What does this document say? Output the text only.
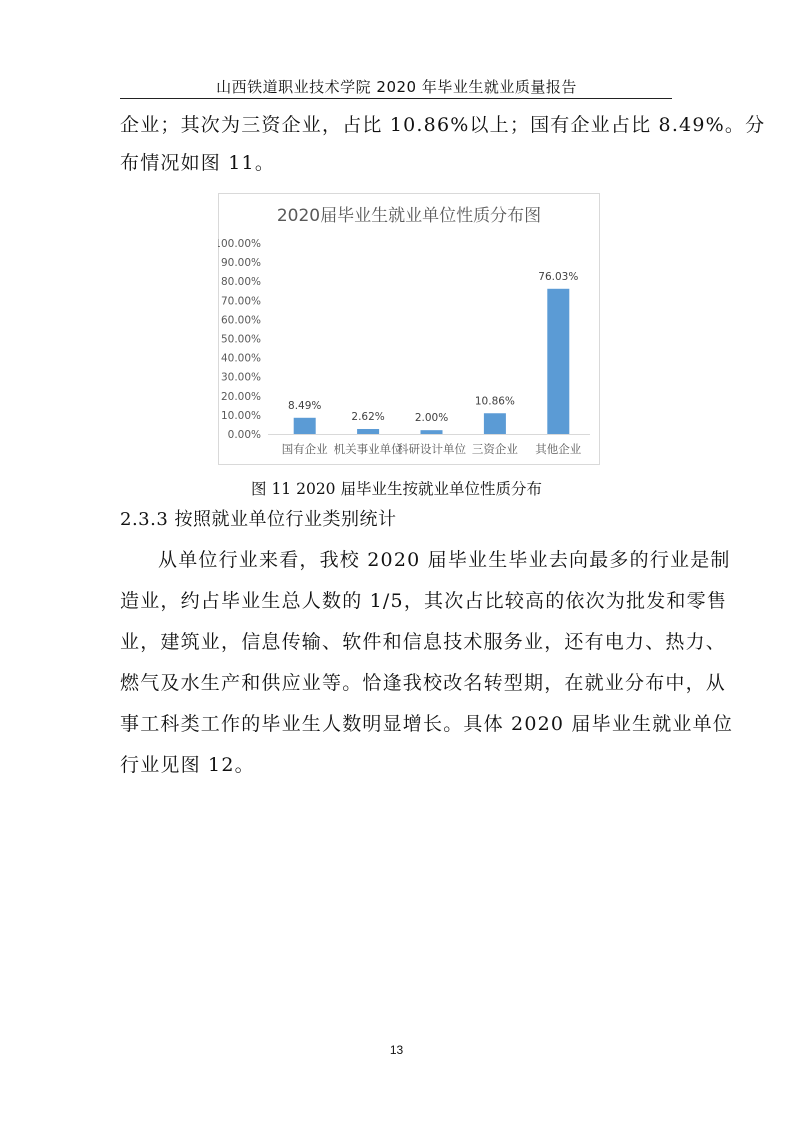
山西铁道职业技术学院 2020 年毕业生就业质量报告
企业；其次为三资企业，占比 10.86%以上；国有企业占比 8.49%。分
布情况如图 11。
2020届毕业生就业单位性质分布图
0.00%
10.00%
20.00%
30.00%
40.00%
50.00%
60.00%
70.00%
80.00%
90.00%
100.00%
8.49%
2.62%	2.00%
10.86%
76.03%
国有企业 机关事业单位
科研设计单位 三资企业 其他企业
图 11 2020 届毕业生按就业单位性质分布
2.3.3 按照就业单位行业类别统计
从单位行业来看，我校 2020 届毕业生毕业去向最多的行业是制
造业，约占毕业生总人数的 1/5，其次占比较高的依次为批发和零售
业，建筑业，信息传输、软件和信息技术服务业，还有电力、热力、
燃气及水生产和供应业等。恰逢我校改名转型期，在就业分布中，从
事工科类工作的毕业生人数明显增长。具体 2020 届毕业生就业单位
行业见图 12。
13
